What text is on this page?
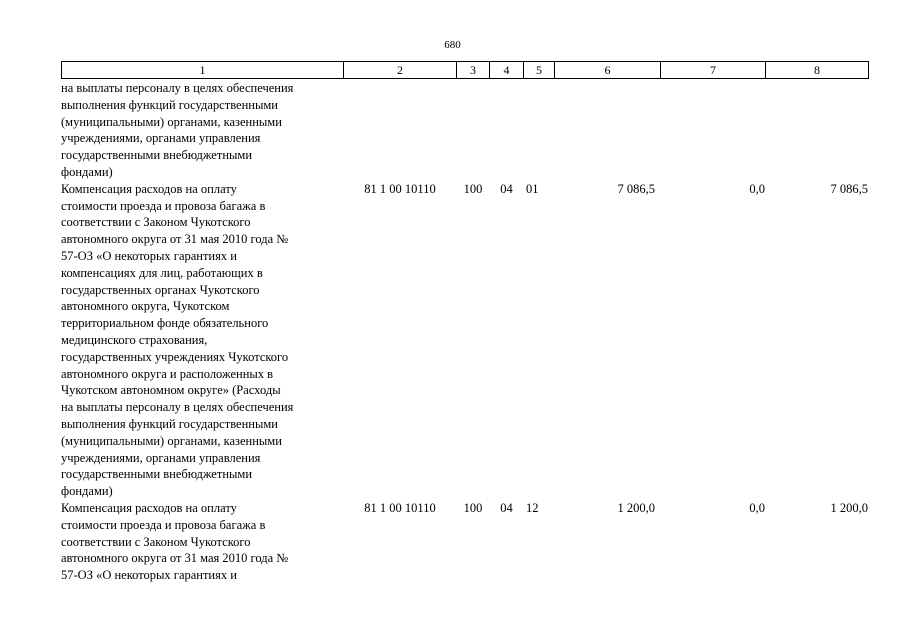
680
1	2	3	4	5	6	7	8
на выплаты персоналу в целях обеспечения
выполнения функций государственными
(муниципальными) органами, казенными
учреждениями, органами управления
государственными внебюджетными
фондами)
Компенсация расходов на оплату
стоимости проезда и провоза багажа в
соответствии с Законом Чукотского
автономного округа от 31 мая 2010 года №
57-ОЗ «О некоторых гарантиях и
компенсациях для лиц, работающих в
государственных органах Чукотского
автономного округа, Чукотском
территориальном фонде обязательного
медицинского страхования,
государственных учреждениях Чукотского
автономного округа и расположенных в
Чукотском автономном округе» (Расходы
на выплаты персоналу в целях обеспечения
выполнения функций государственными
(муниципальными) органами, казенными
учреждениями, органами управления
государственными внебюджетными
фондами)
81 1 00 10110	100	04	01	7 086,5	0,0	7 086,5
Компенсация расходов на оплату
стоимости проезда и провоза багажа в
соответствии с Законом Чукотского
автономного округа от 31 мая 2010 года №
57-ОЗ «О некоторых гарантиях и
81 1 00 10110	100	04	12	1 200,0	0,0	1 200,0
